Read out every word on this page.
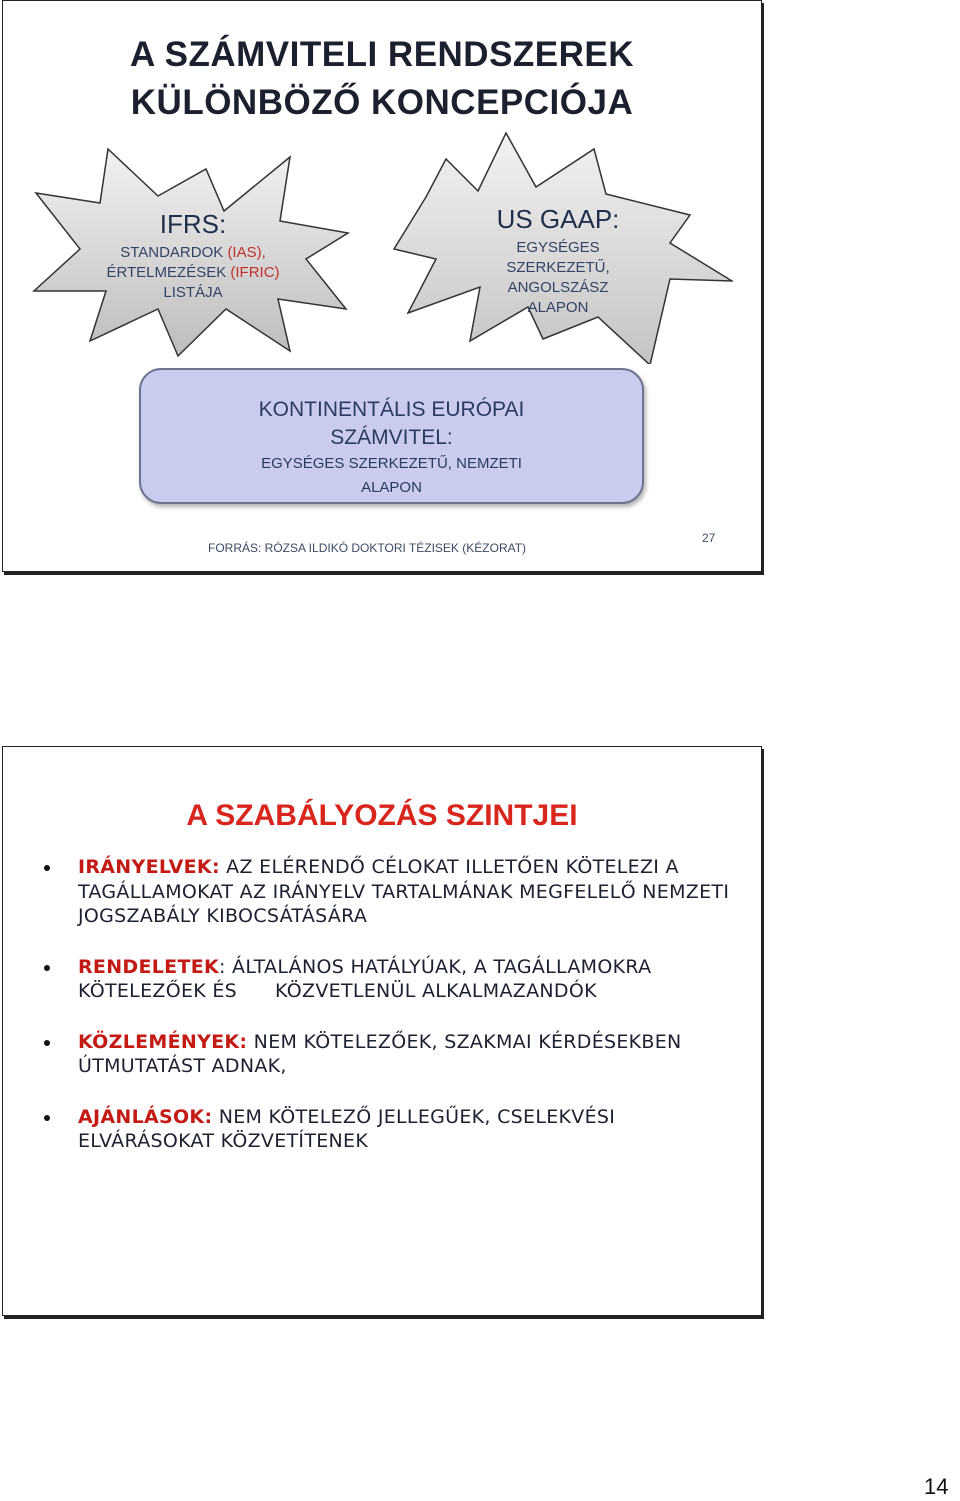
A SZÁMVITELI RENDSZEREK
KÜLÖNBÖZŐ KONCEPCIÓJA
IFRS:
STANDARDOK (IAS),
ÉRTELMEZÉSEK (IFRIC)
LISTÁJA
US GAAP:
EGYSÉGES
SZERKEZETŰ,
ANGOLSZÁSZ
ALAPON
KONTINENTÁLIS EURÓPAI
SZÁMVITEL:
EGYSÉGES SZERKEZETŰ, NEMZETI
ALAPON
FORRÁS: RÓZSA ILDIKÓ DOKTORI TÉZISEK (KÉZORAT)
27
A SZABÁLYOZÁS SZINTJEI
IRÁNYELVEK: AZ ELÉRENDŐ CÉLOKAT ILLETŐEN KÖTELEZI A TAGÁLLAMOKAT AZ IRÁNYELV TARTALMÁNAK MEGFELELŐ NEMZETI JOGSZABÁLY KIBOCSÁTÁSÁRA
RENDELETEK: ÁLTALÁNOS HATÁLYÚAK, A TAGÁLLAMOKRA KÖTELEZŐEK ÉS      KÖZVETLENÜL ALKALMAZANDÓK
KÖZLEMÉNYEK: NEM KÖTELEZŐEK, SZAKMAI KÉRDÉSEKBEN ÚTMUTATÁST ADNAK,
AJÁNLÁSOK: NEM KÖTELEZŐ JELLEGŰEK, CSELEKVÉSI ELVÁRÁSOKAT KÖZVETÍTENEK
14
